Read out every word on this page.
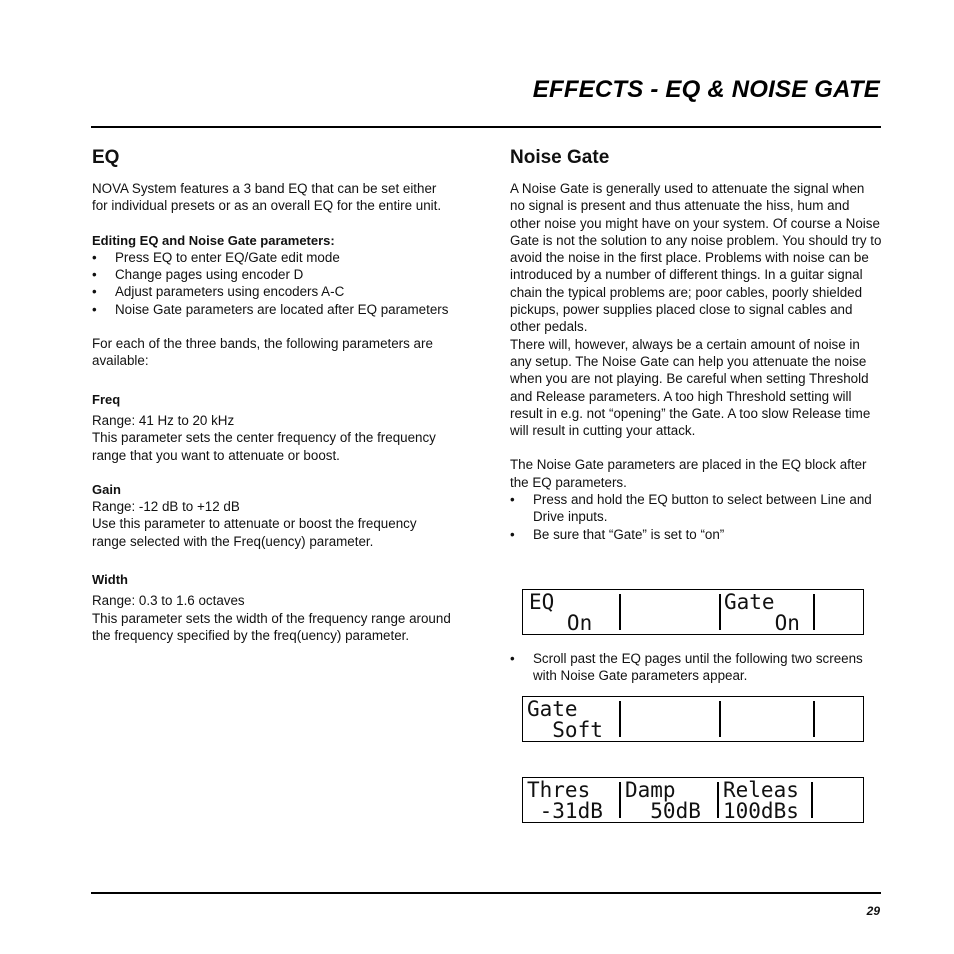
EFFECTS - EQ & NOISE GATE
EQ

NOVA System features a 3 band EQ that can be set either for individual presets or as an overall EQ for the entire unit.

Editing EQ and Noise Gate parameters:

• Press EQ to enter EQ/Gate edit mode
• Change pages using encoder D
• Adjust parameters using encoders A-C
• Noise Gate parameters are located after EQ parameters

For each of the three bands, the following parameters are available:

Freq

Range: 41 Hz to 20 kHz

This parameter sets the center frequency of the frequency range that you want to attenuate or boost.

Gain

Range: -12 dB to +12 dB

Use this parameter to attenuate or boost the frequency range selected with the Freq(uency) parameter.

Width

Range: 0.3 to 1.6 octaves

This parameter sets the width of the frequency range around the frequency specified by the freq(uency) parameter.

Noise Gate

A Noise Gate is generally used to attenuate the signal when no signal is present and thus attenuate the hiss, hum and other noise you might have on your system. Of course a Noise Gate is not the solution to any noise problem. You should try to avoid the noise in the first place. Problems with noise can be introduced by a number of different things. In a guitar signal chain the typical problems are; poor cables, poorly shielded pickups, power supplies placed close to signal cables and other pedals.

There will, however, always be a certain amount of noise in any setup. The Noise Gate can help you attenuate the noise when you are not playing. Be careful when setting Threshold and Release parameters. A too high Threshold setting will result in e.g. not “opening” the Gate. A too slow Release time will result in cutting your attack.

The Noise Gate parameters are placed in the EQ block after the EQ parameters.

• Press and hold the EQ button to select between Line and Drive inputs.
• Be sure that “Gate” is set to “on”
EQ
On
Gate
On
• Scroll past the EQ pages until the following two screens with Noise Gate parameters appear.
Gate
Soft
Thres
-31dB
Damp
50dB
Releas
100dBs
29
